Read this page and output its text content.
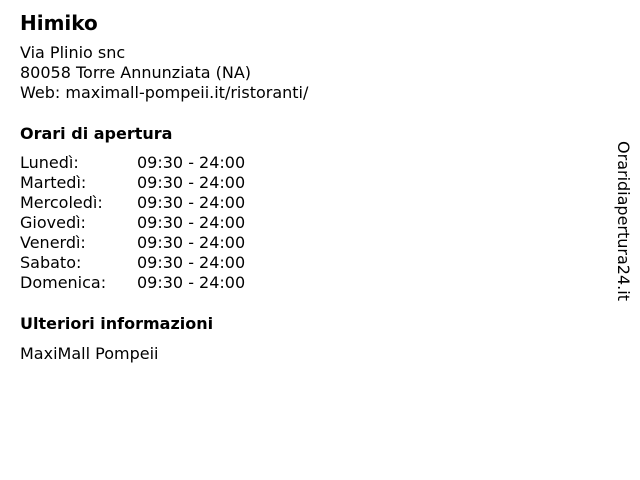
Himiko
Via Plinio snc
80058 Torre Annunziata (NA)
Web: maximall-pompeii.it/ristoranti/
Orari di apertura
Lunedì:	09:30 - 24:00
Martedì:	09:30 - 24:00
Mercoledì:	09:30 - 24:00
Giovedì:	09:30 - 24:00
Venerdì:	09:30 - 24:00
Sabato:	09:30 - 24:00
Domenica:	09:30 - 24:00
Ulteriori informazioni
MaxiMall Pompeii
Oraridiapertura24.it
